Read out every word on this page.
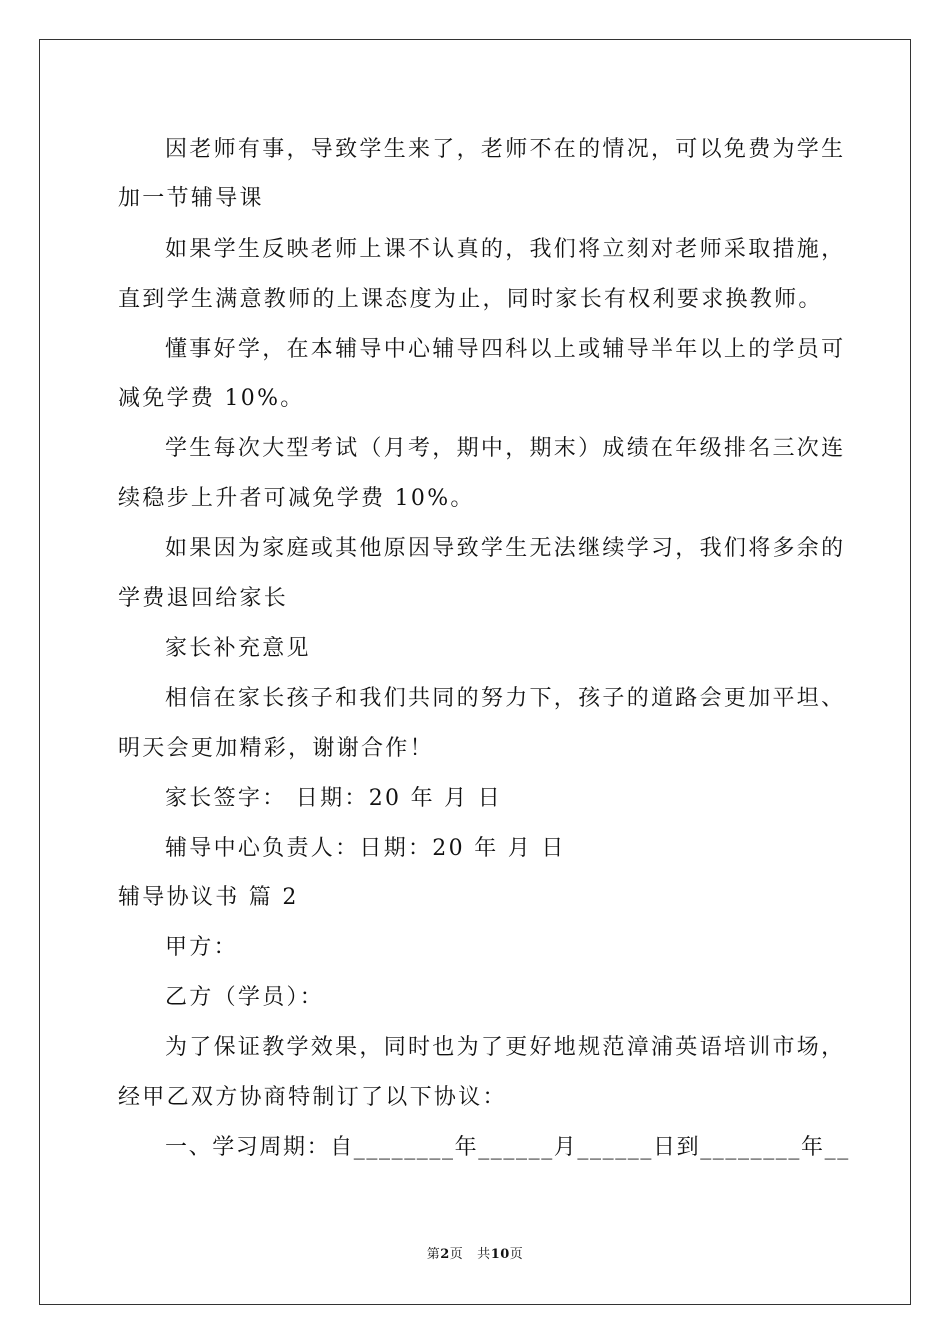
因老师有事，导致学生来了，老师不在的情况，可以免费为学生
加一节辅导课
如果学生反映老师上课不认真的，我们将立刻对老师采取措施，
直到学生满意教师的上课态度为止，同时家长有权利要求换教师。
懂事好学，在本辅导中心辅导四科以上或辅导半年以上的学员可
减免学费 10%。
学生每次大型考试（月考，期中，期末）成绩在年级排名三次连
续稳步上升者可减免学费 10%。
如果因为家庭或其他原因导致学生无法继续学习，我们将多余的
学费退回给家长
家长补充意见
相信在家长孩子和我们共同的努力下，孩子的道路会更加平坦、
明天会更加精彩，谢谢合作！
家长签字： 日期：20 年 月 日
辅导中心负责人：日期：20 年 月 日
辅导协议书 篇 2
甲方：
乙方（学员）：
为了保证教学效果，同时也为了更好地规范漳浦英语培训市场，
经甲乙双方协商特制订了以下协议：
一、学习周期：自________年______月______日到________年__
第2页 共10页
